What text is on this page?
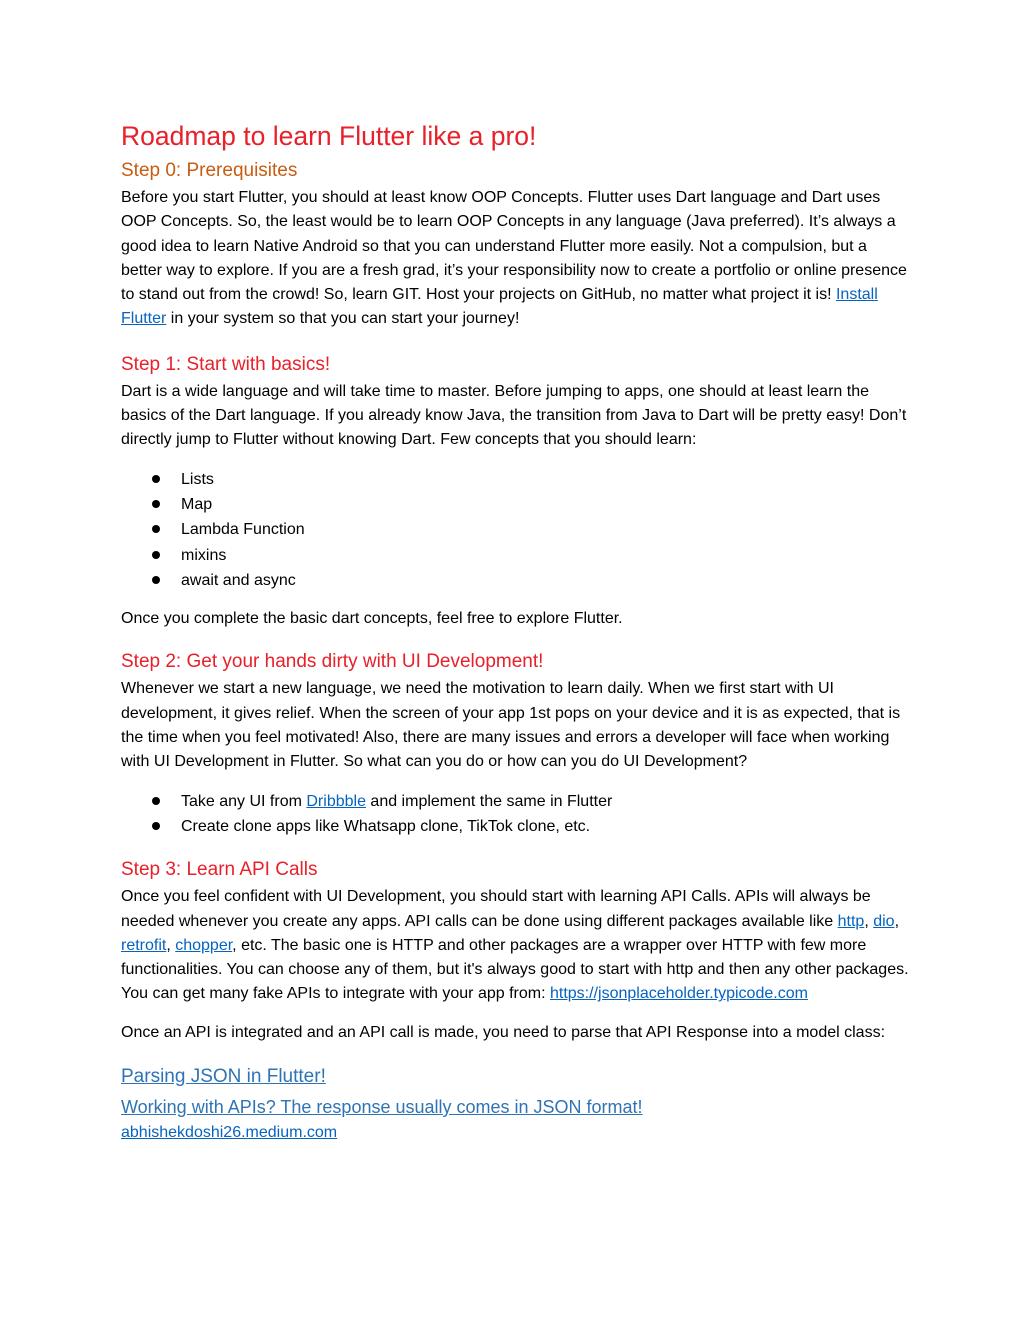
Roadmap to learn Flutter like a pro!
Step 0: Prerequisites

Before you start Flutter, you should at least know OOP Concepts. Flutter uses Dart language and Dart uses OOP Concepts. So, the least would be to learn OOP Concepts in any language (Java preferred). It’s always a good idea to learn Native Android so that you can understand Flutter more easily. Not a compulsion, but a better way to explore. If you are a fresh grad, it’s your responsibility now to create a portfolio or online presence to stand out from the crowd! So, learn GIT. Host your projects on GitHub, no matter what project it is! Install Flutter in your system so that you can start your journey!

Step 1: Start with basics!

Dart is a wide language and will take time to master. Before jumping to apps, one should at least learn the basics of the Dart language. If you already know Java, the transition from Java to Dart will be pretty easy! Don’t directly jump to Flutter without knowing Dart. Few concepts that you should learn:

Lists
Map
Lambda Function
mixins
await and async

Once you complete the basic dart concepts, feel free to explore Flutter.

Step 2: Get your hands dirty with UI Development!

Whenever we start a new language, we need the motivation to learn daily. When we first start with UI development, it gives relief. When the screen of your app 1st pops on your device and it is as expected, that is the time when you feel motivated! Also, there are many issues and errors a developer will face when working with UI Development in Flutter. So what can you do or how can you do UI Development?

Take any UI from Dribbble and implement the same in Flutter
Create clone apps like Whatsapp clone, TikTok clone, etc.
Step 3: Learn API Calls

Once you feel confident with UI Development, you should start with learning API Calls. APIs will always be needed whenever you create any apps. API calls can be done using different packages available like http, dio, retrofit, chopper, etc. The basic one is HTTP and other packages are a wrapper over HTTP with few more functionalities. You can choose any of them, but it's always good to start with http and then any other packages. You can get many fake APIs to integrate with your app from: https://jsonplaceholder.typicode.com

Once an API is integrated and an API call is made, you need to parse that API Response into a model class:

Parsing JSON in Flutter!
Working with APIs? The response usually comes in JSON format!
abhishekdoshi26.medium.com
